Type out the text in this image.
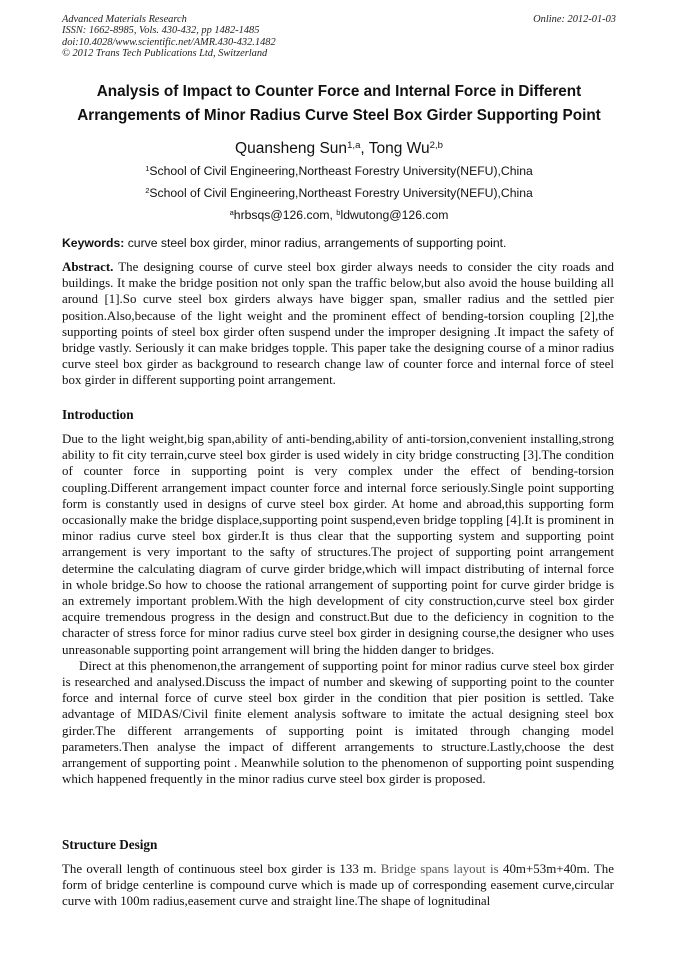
Advanced Materials Research
ISSN: 1662-8985, Vols. 430-432, pp 1482-1485
doi:10.4028/www.scientific.net/AMR.430-432.1482
© 2012 Trans Tech Publications Ltd, Switzerland
Online: 2012-01-03
Analysis of Impact to Counter Force and Internal Force in Different
Arrangements of Minor Radius Curve Steel Box Girder Supporting Point
Quansheng Sun$^{1,a}$, Tong Wu$^{2,b}$
$^1$School of Civil Engineering,Northeast Forestry University(NEFU),China
$^2$School of Civil Engineering,Northeast Forestry University(NEFU),China
$^a$hrbsqs@126.com, $^b$ldwutong@126.com
Keywords: curve steel box girder, minor radius, arrangements of supporting point.

Abstract. The designing course of curve steel box girder always needs to consider the city roads and buildings. It make the bridge position not only span the traffic below,but also avoid the house building all around [1].So curve steel box girders always have bigger span, smaller radius and the settled pier position.Also,because of the light weight and the prominent effect of bending-torsion coupling [2],the supporting points of steel box girder often suspend under the improper designing .It impact the safety of bridge vastly. Seriously it can make bridges topple. This paper take the designing course of a minor radius curve steel box girder as background to research change law of counter force and internal force of steel box girder in different supporting point arrangement.

Introduction

Due to the light weight,big span,ability of anti-bending,ability of anti-torsion,convenient installing,strong ability to fit city terrain,curve steel box girder is used widely in city bridge constructing [3].The condition of counter force in supporting point is very complex under the effect of bending-torsion coupling.Different arrangement impact counter force and internal force seriously.Single point supporting form is constantly used in designs of curve steel box girder. At home and abroad,this supporting form occasionally make the bridge displace,supporting point suspend,even bridge toppling [4].It is prominent in minor radius curve steel box girder.It is thus clear that the supporting system and supporting point arrangement is very important to the safty of structures.The project of supporting point arrangement determine the calculating diagram of curve girder bridge,which will impact distributing of internal force in whole bridge.So how to choose the rational arrangement of supporting point for curve girder bridge is an extremely important problem.With the high development of city construction,curve steel box girder acquire tremendous progress in the design and construct.But due to the deficiency in cognition to the character of stress force for minor radius curve steel box girder in designing course,the designer who uses unreasonable supporting point arrangement will bring the hidden danger to bridges.

Direct at this phenomenon,the arrangement of supporting point for minor radius curve steel box girder is researched and analysed.Discuss the impact of number and skewing of supporting point to the counter force and internal force of curve steel box girder in the condition that pier position is settled. Take advantage of MIDAS/Civil finite element analysis software to imitate the actual designing steel box girder.The different arrangements of supporting point is imitated through changing model parameters.Then analyse the impact of different arrangements to structure.Lastly,choose the dest arrangement of supporting point . Meanwhile solution to the phenomenon of supporting point suspending which happened frequently in the minor radius curve steel box girder is proposed.

Structure Design

The overall length of continuous steel box girder is 133 m. Bridge spans layout is 40m+53m+40m. The form of bridge centerline is compound curve which is made up of corresponding easement curve,circular curve with 100m radius,easement curve and straight line.The shape of lognitudinal
